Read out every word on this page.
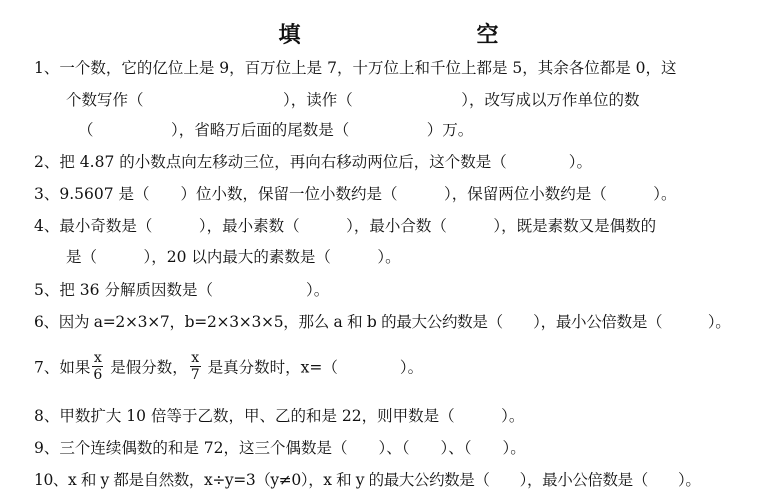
填　　空
1、一个数，它的亿位上是 9，百万位上是 7，十万位上和千位上都是 5，其余各位都是 0，这
个数写作（　　　　　　　　　），读作（　　　　　　　），改写成以万作单位的数
（　　　　　），省略万后面的尾数是（　　　　　）万。
2、把 4.87 的小数点向左移动三位，再向右移动两位后，这个数是（　　　　）。
3、9.5607 是（　　）位小数，保留一位小数约是（　　　），保留两位小数约是（　　　）。
4、最小奇数是（　　　），最小素数（　　　），最小合数（　　　），既是素数又是偶数的
是（　　　），20 以内最大的素数是（　　　）。
5、把 36 分解质因数是（　　　　　　）。
6、因为 a=2×3×7，b=2×3×3×5，那么 a 和 b 的最大公约数是（　　），最小公倍数是（　　　）。
7、如果 $\frac{x}{6}$ 是假分数， $\frac{x}{7}$ 是真分数时，x=（　　　　）。
8、甲数扩大 10 倍等于乙数，甲、乙的和是 22，则甲数是（　　　）。
9、三个连续偶数的和是 72，这三个偶数是（　　）、（　　）、（　　）。
10、x 和 y 都是自然数，x÷y=3（y≠0），x 和 y 的最大公约数是（　　），最小公倍数是（　　）。
